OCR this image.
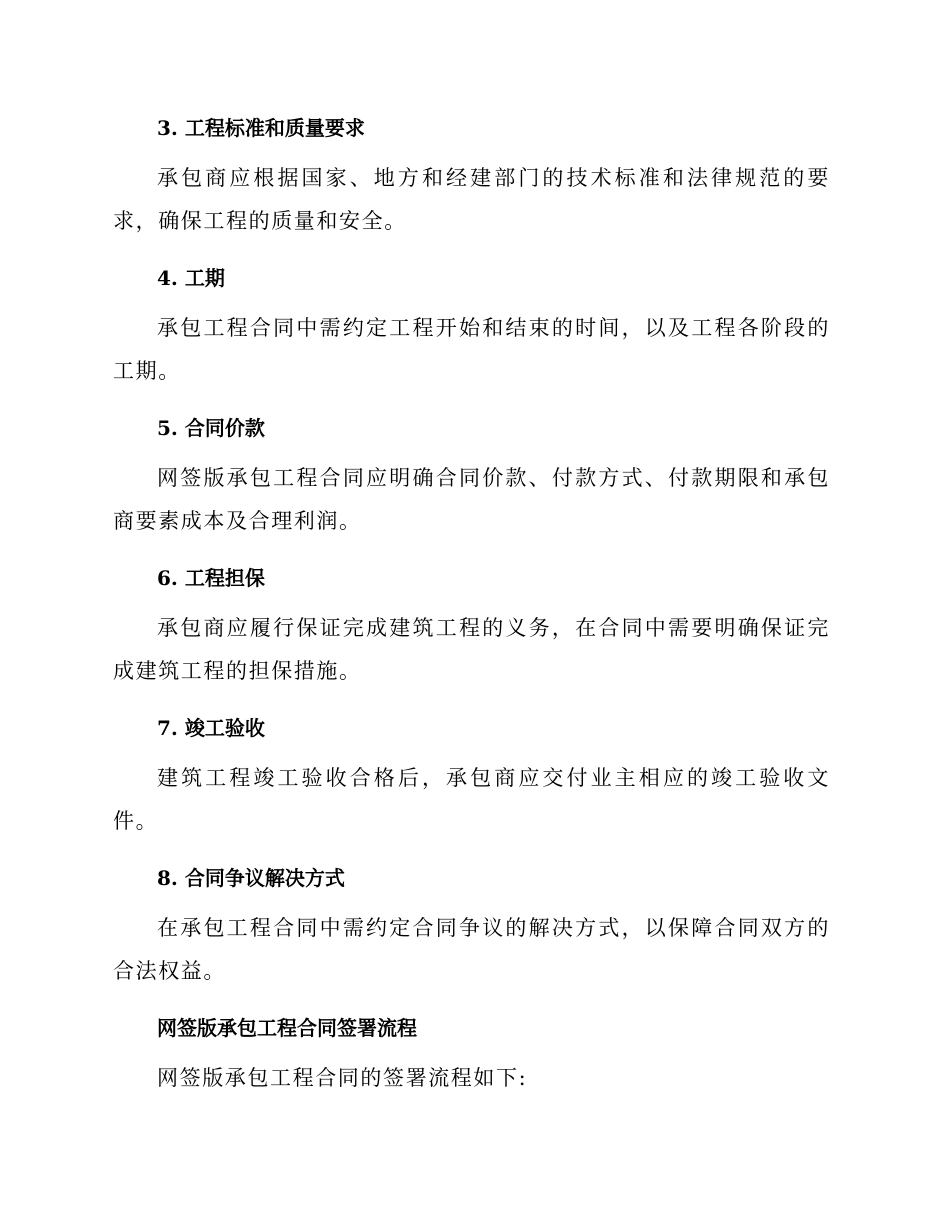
3. 工程标准和质量要求

承包商应根据国家、地方和经建部门的技术标准和法律规范的要求，确保工程的质量和安全。

4. 工期

承包工程合同中需约定工程开始和结束的时间，以及工程各阶段的工期。

5. 合同价款

网签版承包工程合同应明确合同价款、付款方式、付款期限和承包商要素成本及合理利润。

6. 工程担保

承包商应履行保证完成建筑工程的义务，在合同中需要明确保证完成建筑工程的担保措施。

7. 竣工验收

建筑工程竣工验收合格后，承包商应交付业主相应的竣工验收文件。

8. 合同争议解决方式

在承包工程合同中需约定合同争议的解决方式，以保障合同双方的合法权益。

网签版承包工程合同签署流程

网签版承包工程合同的签署流程如下:
